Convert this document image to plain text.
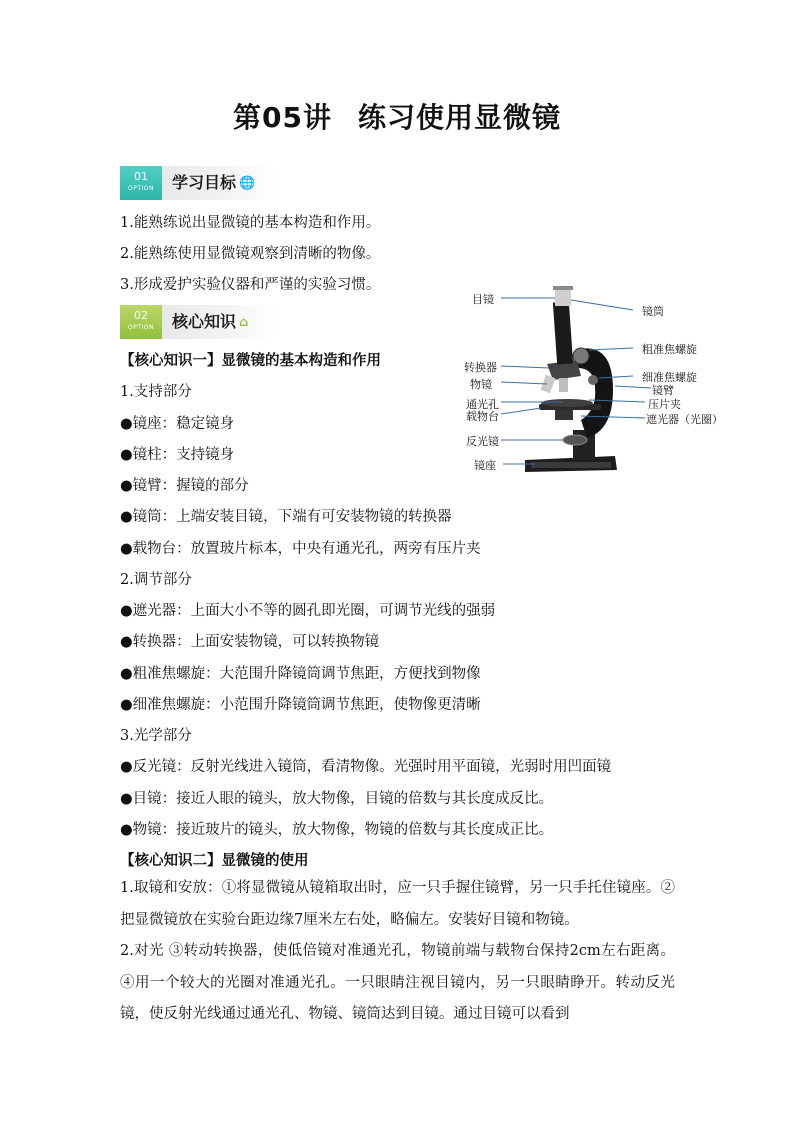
第05讲 练习使用显微镜
01
OPTION	学习目标 🌐
1.能熟练说出显微镜的基本构造和作用。
2.能熟练使用显微镜观察到清晰的物像。
3.形成爱护实验仪器和严谨的实验习惯。
02
OPTION	核心知识 ⌂
【核心知识一】显微镜的基本构造和作用
1.支持部分
●镜座：稳定镜身
●镜柱：支持镜身
●镜臂：握镜的部分
●镜筒：上端安装目镜，下端有可安装物镜的转换器
●载物台：放置玻片标本，中央有通光孔，两旁有压片夹
2.调节部分
●遮光器：上面大小不等的圆孔即光圈，可调节光线的强弱
●转换器：上面安装物镜，可以转换物镜
●粗准焦螺旋：大范围升降镜筒调节焦距，方便找到物像
●细准焦螺旋：小范围升降镜筒调节焦距，使物像更清晰
3.光学部分
●反光镜：反射光线进入镜筒，看清物像。光强时用平面镜，光弱时用凹面镜
●目镜：接近人眼的镜头，放大物像，目镜的倍数与其长度成反比。
●物镜：接近玻片的镜头，放大物像，物镜的倍数与其长度成正比。
【核心知识二】显微镜的使用

1.取镜和安放：①将显微镜从镜箱取出时，应一只手握住镜臂，另一只手托住镜座。②把显微镜放在实验台距边缘7厘米左右处，略偏左。安装好目镜和物镜。

2.对光 ③转动转换器，使低倍镜对准通光孔，物镜前端与载物台保持2cm左右距离。④用一个较大的光圈对准通光孔。一只眼睛注视目镜内，另一只眼睛睁开。转动反光镜，使反射光线通过通光孔、物镜、镜筒达到目镜。通过目镜可以看到

目镜
转换器
物镜
通光孔
载物台
反光镜
镜座
镜筒
粗准焦螺旋
细准焦螺旋
镜臂
压片夹
遮光器（光圈）
